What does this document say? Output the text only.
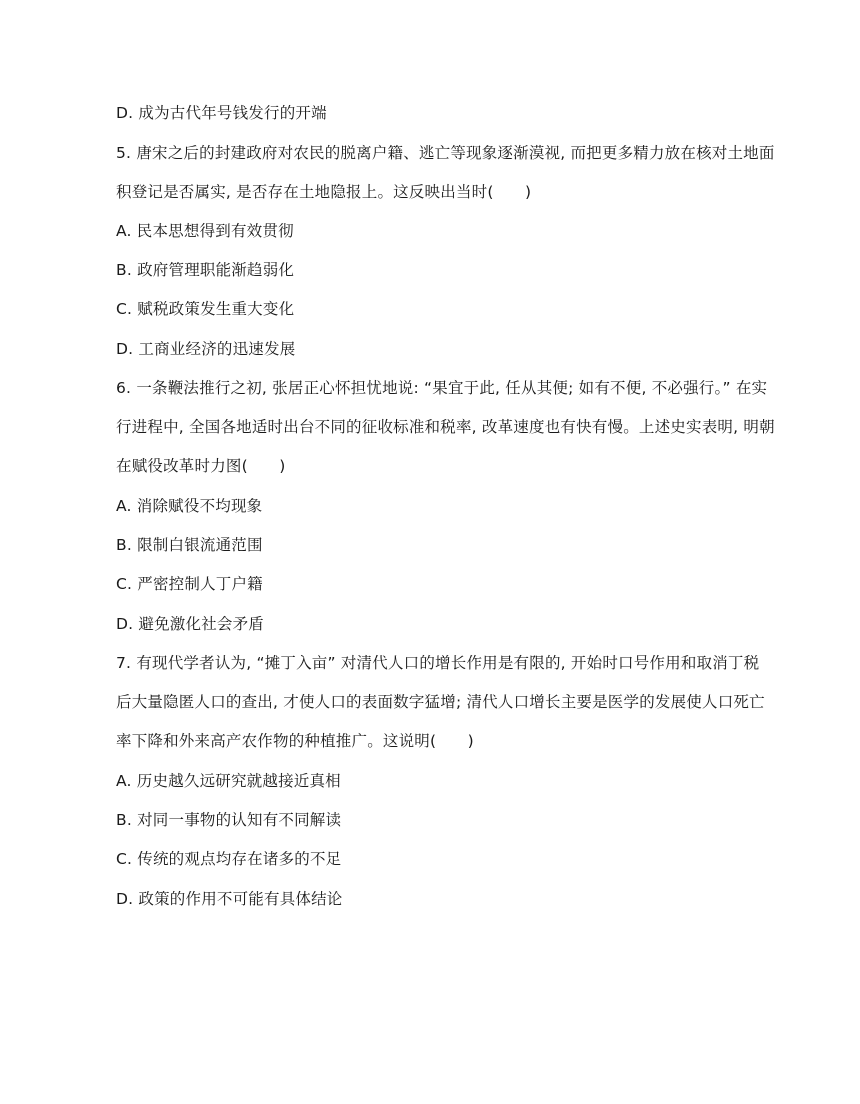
D. 成为古代年号钱发行的开端
5. 唐宋之后的封建政府对农民的脱离户籍、逃亡等现象逐渐漠视, 而把更多精力放在核对土地面
积登记是否属实, 是否存在土地隐报上。这反映出当时(　　)
A. 民本思想得到有效贯彻
B. 政府管理职能渐趋弱化
C. 赋税政策发生重大变化
D. 工商业经济的迅速发展
6. 一条鞭法推行之初, 张居正心怀担忧地说: “果宜于此, 任从其便; 如有不便, 不必强行。” 在实
行进程中, 全国各地适时出台不同的征收标准和税率, 改革速度也有快有慢。上述史实表明, 明朝
在赋役改革时力图(　　)
A. 消除赋役不均现象
B. 限制白银流通范围
C. 严密控制人丁户籍
D. 避免激化社会矛盾
7. 有现代学者认为, “摊丁入亩” 对清代人口的增长作用是有限的, 开始时口号作用和取消丁税
后大量隐匿人口的查出, 才使人口的表面数字猛增; 清代人口增长主要是医学的发展使人口死亡
率下降和外来高产农作物的种植推广。这说明(　　)
A. 历史越久远研究就越接近真相
B. 对同一事物的认知有不同解读
C. 传统的观点均存在诸多的不足
D. 政策的作用不可能有具体结论
